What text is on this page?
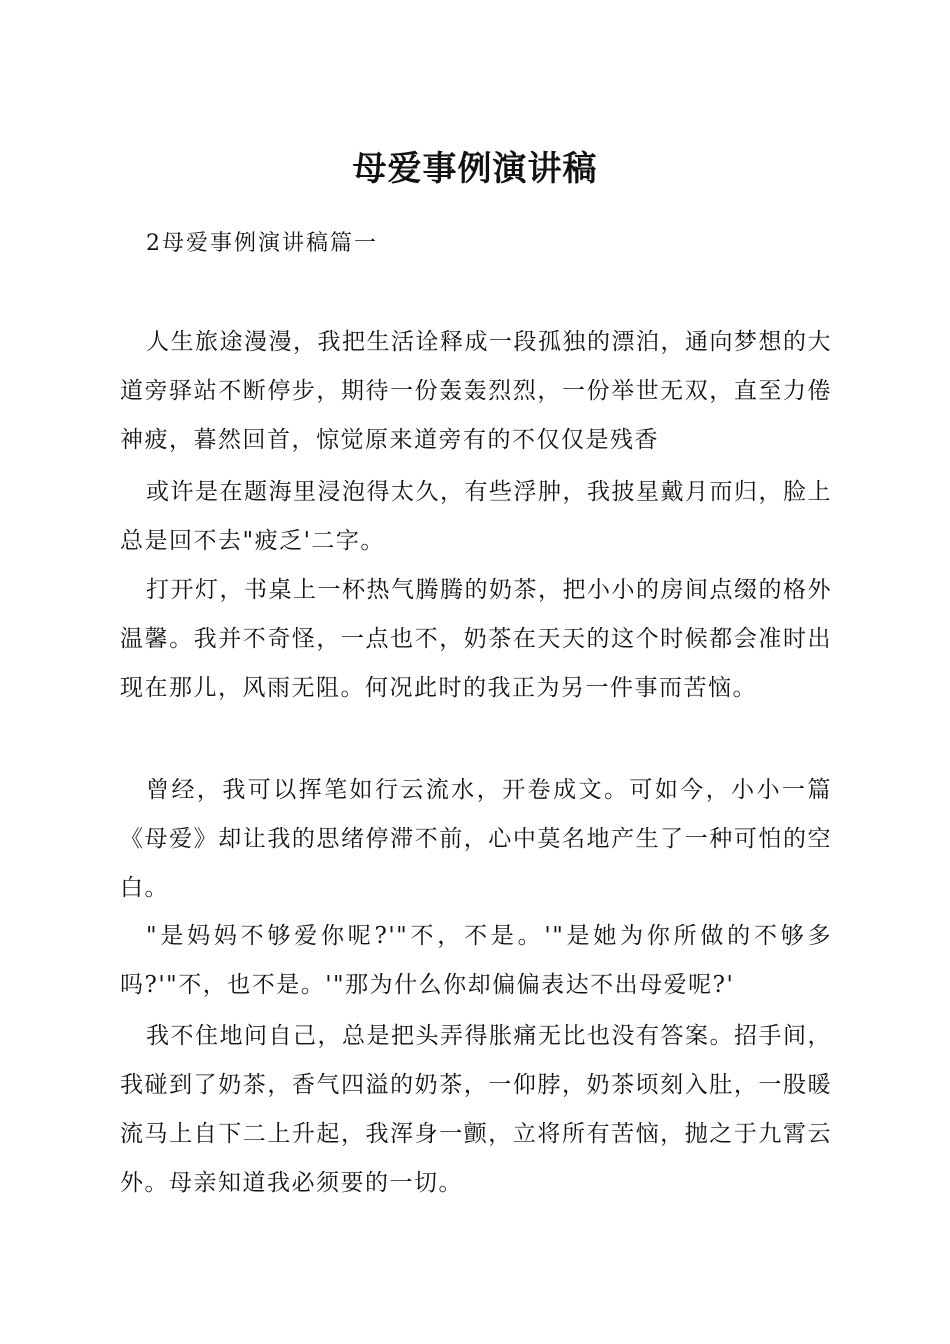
母爱事例演讲稿
2母爱事例演讲稿篇一

人生旅途漫漫，我把生活诠释成一段孤独的漂泊，通向梦想的大道旁驿站不断停步，期待一份轰轰烈烈，一份举世无双，直至力倦神疲，暮然回首，惊觉原来道旁有的不仅仅是残香

或许是在题海里浸泡得太久，有些浮肿，我披星戴月而归，脸上总是回不去"疲乏'二字。

打开灯，书桌上一杯热气腾腾的奶茶，把小小的房间点缀的格外温馨。我并不奇怪，一点也不，奶茶在天天的这个时候都会准时出现在那儿，风雨无阻。何况此时的我正为另一件事而苦恼。

曾经，我可以挥笔如行云流水，开卷成文。可如今，小小一篇《母爱》却让我的思绪停滞不前，心中莫名地产生了一种可怕的空白。

"是妈妈不够爱你呢?'"不，不是。'"是她为你所做的不够多吗?'"不，也不是。'"那为什么你却偏偏表达不出母爱呢?'

我不住地问自己，总是把头弄得胀痛无比也没有答案。招手间，我碰到了奶茶，香气四溢的奶茶，一仰脖，奶茶顷刻入肚，一股暖流马上自下二上升起，我浑身一颤，立将所有苦恼，抛之于九霄云外。母亲知道我必须要的一切。
